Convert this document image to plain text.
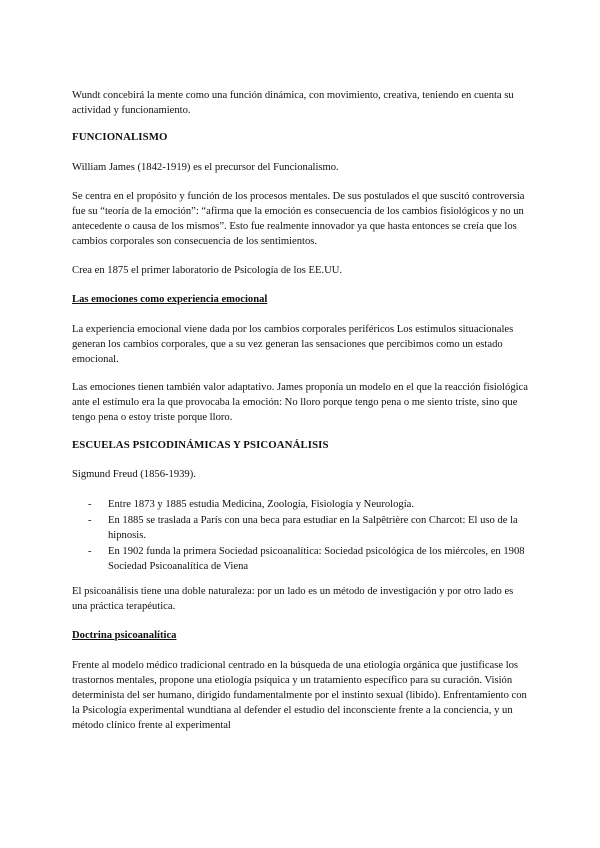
Wundt concebirá la mente como una función dinámica, con movimiento, creativa, teniendo en cuenta su actividad y funcionamiento.

FUNCIONALISMO

William James (1842-1919) es el precursor del Funcionalismo.

Se centra en el propósito y función de los procesos mentales. De sus postulados el que suscitó controversia fue su “teoría de la emoción”: “afirma que la emoción es consecuencia de los cambios fisiológicos y no un antecedente o causa de los mismos”. Esto fue realmente innovador ya que hasta entonces se creía que los cambios corporales son consecuencia de los sentimientos.

Crea en 1875 el primer laboratorio de Psicología de los EE.UU.

Las emociones como experiencia emocional

La experiencia emocional viene dada por los cambios corporales periféricos Los estímulos situacionales generan los cambios corporales, que a su vez generan las sensaciones que percibimos como un estado emocional.

Las emociones tienen también valor adaptativo. James proponía un modelo en el que la reacción fisiológica ante el estímulo era la que provocaba la emoción: No lloro porque tengo pena o me siento triste, sino que tengo pena o estoy triste porque lloro.

ESCUELAS PSICODINÁMICAS Y PSICOANÁLISIS

Sigmund Freud (1856-1939).

- Entre 1873 y 1885 estudia Medicina, Zoología, Fisiología y Neurología.
- En 1885 se traslada a París con una beca para estudiar en la Salpêtrière con Charcot: El uso de la hipnosis.
- En 1902 funda la primera Sociedad psicoanalítica: Sociedad psicológica de los miércoles, en 1908 Sociedad Psicoanalítica de Viena

El psicoanálisis tiene una doble naturaleza: por un lado es un método de investigación y por otro lado es una práctica terapéutica.

Doctrina psicoanalítica

Frente al modelo médico tradicional centrado en la búsqueda de una etiología orgánica que justificase los trastornos mentales, propone una etiología psíquica y un tratamiento específico para su curación. Visión determinista del ser humano, dirigido fundamentalmente por el instinto sexual (libido). Enfrentamiento con la Psicología experimental wundtiana al defender el estudio del inconsciente frente a la conciencia, y un método clínico frente al experimental
